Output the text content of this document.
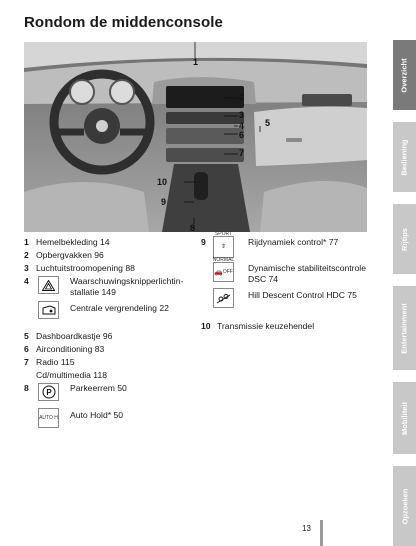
Rondom de middenconsole
1
2
3
4 5
6
7
10
9
8
1 Hemelbekleding 14
2 Opbergvakken 96
3 Luchtuitstroomopening 88
4	Waarschuwingsknipperlichtin-
stallatie 149
Centrale vergrendeling 22
5 Dashboardkastje 96
6 Airconditioning 83
7 Radio 115
Cd/multimedia 118
8 P Parkeerrem 50
AUTO H Auto Hold* 50
9
SPORT
⇕
NORMAL
Rijdynamiek control* 77
🚗 OFF Dynamische stabiliteitscontrole
DSC 74
Hill Descent Control HDC 75
10 Transmissie keuzehendel
Overzicht
Bediening
Rijtips
Entertainment
Mobiliteit
Opzoeken
13
